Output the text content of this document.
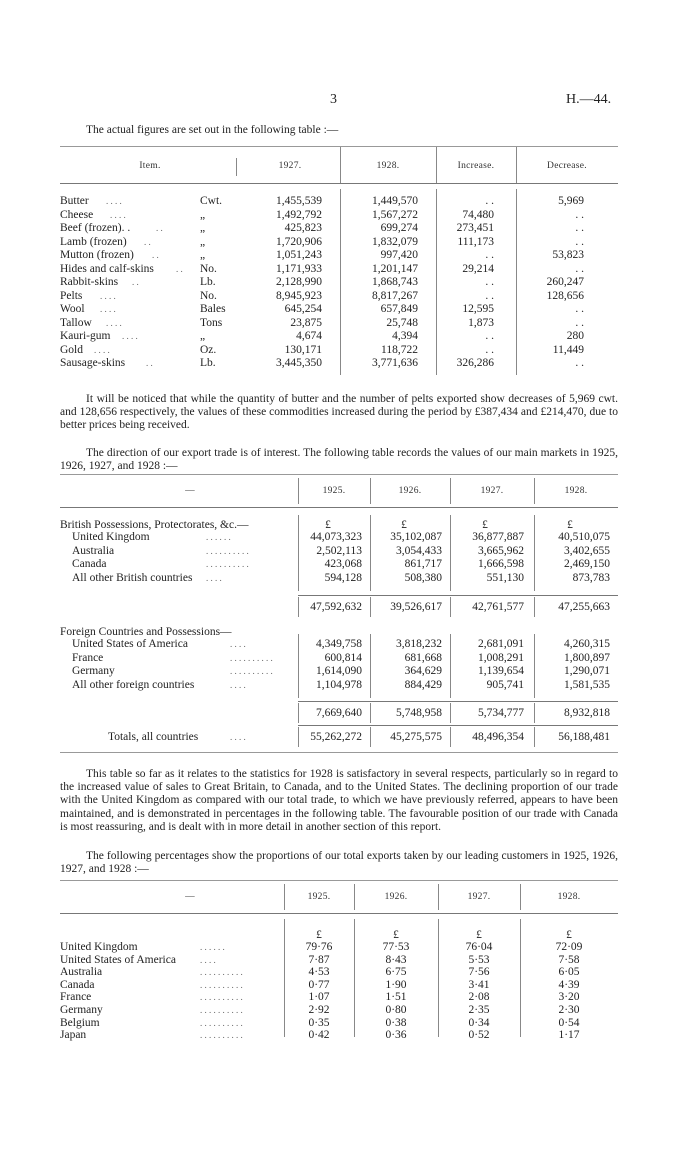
3	H.—44.
The actual figures are set out in the following table :—
Item.	1927.	1928.	Increase.	Decrease.
Butter . . . .	Cwt.	1,455,539	1,449,570	. .	5,969
Cheese . . . .	„	1,492,792	1,567,272	74,480	. .
Beef (frozen). .	. .	„	425,823	699,274	273,451	. .
Lamb (frozen) . .	„	1,720,906	1,832,079	111,173	. .
Mutton (frozen) . .	„	1,051,243	997,420	. .	53,823
Hides and calf-skins . . No.	1,171,933	1,201,147	29,214	. .
Rabbit-skins . .	Lb.	2,128,990	1,868,743	. .	260,247
Pelts . . . .	No.	8,945,923	8,817,267	. .	128,656
Wool . . . .	Bales	645,254	657,849	12,595	. .
Tallow . . . .	Tons	23,875	25,748	1,873	. .
Kauri-gum . . . .	„	4,674	4,394	. .	280
Gold . . . .	Oz.	130,171	118,722	. .	11,449
Sausage-skins . .	Lb.	3,445,350	3,771,636	326,286	. .
It will be noticed that while the quantity of butter and the number of pelts exported show decreases of 5,969 cwt. and 128,656 respectively, the values of these commodities increased during the period by £387,434 and £214,470, due to better prices being received.
The direction of our export trade is of interest. The following table records the values of our main markets in 1925, 1926, 1927, and 1928 :—
—	1925.	1926.	1927.	1928.
British Possessions, Protectorates, &c.—
Foreign Countries and Possessions—
£	£	£	£
United Kingdom	. . . . . .	44,073,323	35,102,087	36,877,887	40,510,075
Australia	. . . . . . . . . .	2,502,113	3,054,433	3,665,962	3,402,655
Canada	. . . . . . . . . .	423,068	861,717	1,666,598	2,469,150
All other British countries . . . .	594,128	508,380	551,130	873,783
47,592,632	39,526,617	42,761,577	47,255,663
United States of America	. . . .	4,349,758	3,818,232	2,681,091	4,260,315
France	. . . . . . . . . .	600,814	681,668	1,008,291	1,800,897
Germany	. . . . . . . . . .	1,614,090	364,629	1,139,654	1,290,071
All other foreign countries	. . . .	1,104,978	884,429	905,741	1,581,535
7,669,640	5,748,958	5,734,777	8,932,818
Totals, all countries	. . . .	55,262,272	45,275,575	48,496,354	56,188,481
This table so far as it relates to the statistics for 1928 is satisfactory in several respects, particularly so in regard to the increased value of sales to Great Britain, to Canada, and to the United States. The declining proportion of our trade with the United Kingdom as compared with our total trade, to which we have previously referred, appears to have been maintained, and is demonstrated in percentages in the following table. The favourable position of our trade with Canada is most reassuring, and is dealt with in more detail in another section of this report.
The following percentages show the proportions of our total exports taken by our leading customers in 1925, 1926, 1927, and 1928 :—
—	1925.	1926.	1927.	1928.
£	£	£	£
United Kingdom	. . . . . .	79·76	77·53	76·04	72·09
United States of America	. . . .	7·87	8·43	5·53	7·58
Australia	. . . . . . . . . .	4·53	6·75	7·56	6·05
Canada	. . . . . . . . . .	0·77	1·90	3·41	4·39
France	. . . . . . . . . .	1·07	1·51	2·08	3·20
Germany	. . . . . . . . . .	2·92	0·80	2·35	2·30
Belgium	. . . . . . . . . .	0·35	0·38	0·34	0·54
Japan	. . . . . . . . . .	0·42	0·36	0·52	1·17
